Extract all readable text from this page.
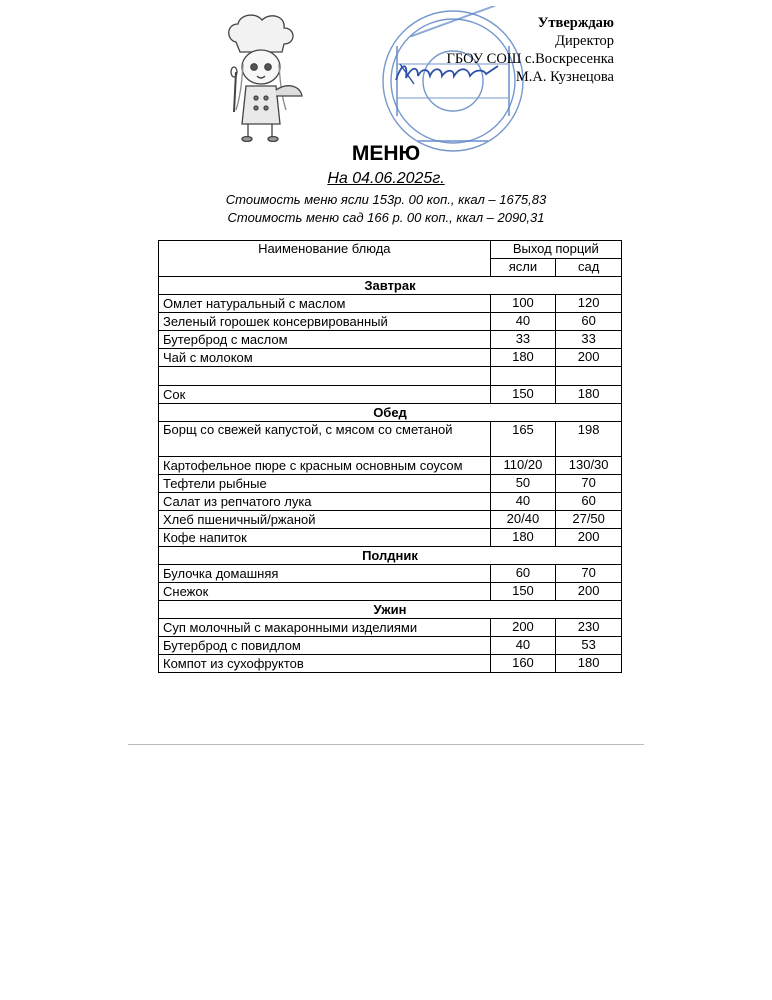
Утверждаю
Директор
ГБОУ СОШ с.Воскресенка
М.А. Кузнецова
МЕНЮ
На 04.06.2025г.
Стоимость меню ясли 153р. 00 коп., ккал – 1675,83
Стоимость меню сад 166 р. 00 коп., ккал – 2090,31
Наименование блюда	Выход порций	
	ясли	сад
Завтрак		
Омлет натуральный с маслом	100	120
Зеленый горошек консервированный	40	60
Бутерброд с маслом	33	33
Чай с молоком	180	200

Сок	150	180
Обед		
Борщ со свежей капустой, с мясом со сметаной	165	198
Картофельное пюре с красным основным соусом	110/20	130/30
Тефтели рыбные	50	70
Салат из репчатого лука	40	60
Хлеб пшеничный/ржаной	20/40	27/50
Кофе напиток	180	200
Полдник		
Булочка домашняя	60	70
Снежок	150	200
Ужин		
Суп молочный с макаронными изделиями	200	230
Бутерброд с повидлом	40	53
Компот из сухофруктов	160	180
